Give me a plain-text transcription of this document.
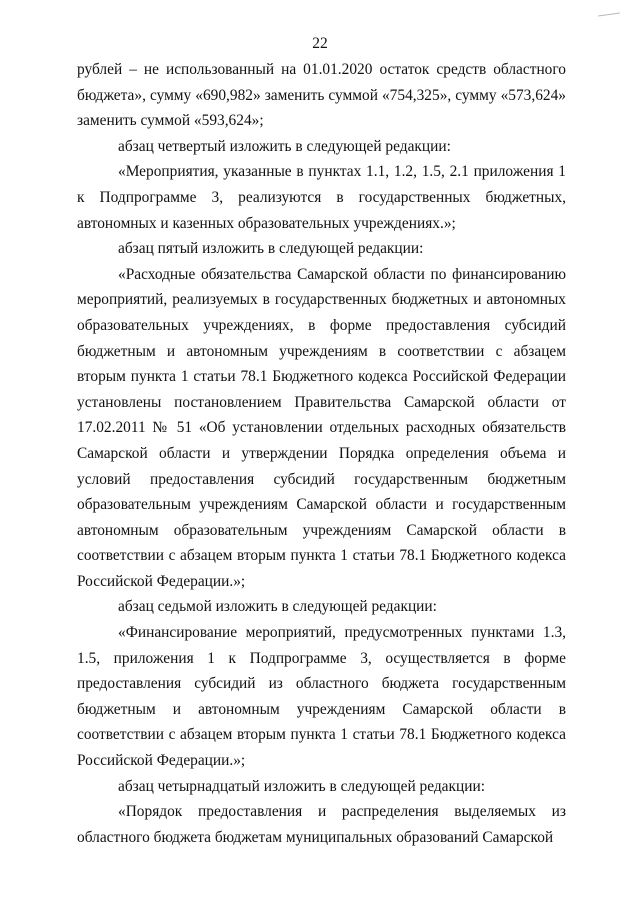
22

рублей – не использованный на 01.01.2020 остаток средств областного бюджета», сумму «690,982» заменить суммой «754,325», сумму «573,624» заменить суммой «593,624»;

абзац четвертый изложить в следующей редакции:

«Мероприятия, указанные в пунктах 1.1, 1.2, 1.5, 2.1 приложения 1 к Подпрограмме 3, реализуются в государственных бюджетных, автономных и казенных образовательных учреждениях.»;

абзац пятый изложить в следующей редакции:

«Расходные обязательства Самарской области по финансированию мероприятий, реализуемых в государственных бюджетных и автономных образовательных учреждениях, в форме предоставления субсидий бюджетным и автономным учреждениям в соответствии с абзацем вторым пункта 1 статьи 78.1 Бюджетного кодекса Российской Федерации установлены постановлением Правительства Самарской области от 17.02.2011 № 51 «Об установлении отдельных расходных обязательств Самарской области и утверждении Порядка определения объема и условий предоставления субсидий государственным бюджетным образовательным учреждениям Самарской области и государственным автономным образовательным учреждениям Самарской области в соответствии с абзацем вторым пункта 1 статьи 78.1 Бюджетного кодекса Российской Федерации.»;

абзац седьмой изложить в следующей редакции:

«Финансирование мероприятий, предусмотренных пунктами 1.3, 1.5, приложения 1 к Подпрограмме 3, осуществляется в форме предоставления субсидий из областного бюджета государственным бюджетным и автономным учреждениям Самарской области в соответствии с абзацем вторым пункта 1 статьи 78.1 Бюджетного кодекса Российской Федерации.»;

абзац четырнадцатый изложить в следующей редакции:

«Порядок предоставления и распределения выделяемых из областного бюджета бюджетам муниципальных образований Самарской
